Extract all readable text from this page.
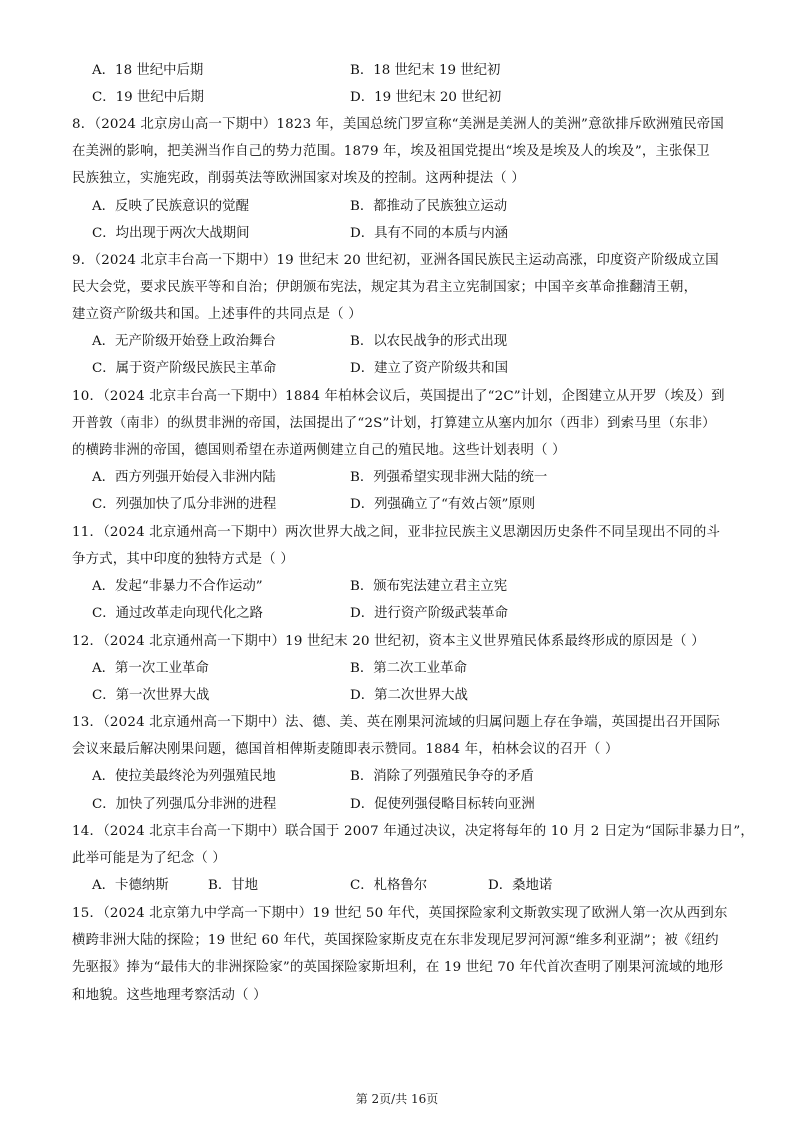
A．18 世纪中后期	B．18 世纪末 19 世纪初
C．19 世纪中后期	D．19 世纪末 20 世纪初
8．（2024 北京房山高一下期中）1823 年，美国总统门罗宣称“美洲是美洲人的美洲”意欲排斥欧洲殖民帝国
在美洲的影响，把美洲当作自己的势力范围。1879 年，埃及祖国党提出“埃及是埃及人的埃及”，主张保卫
民族独立，实施宪政，削弱英法等欧洲国家对埃及的控制。这两种提法（ ）
A．反映了民族意识的觉醒	B．都推动了民族独立运动
C．均出现于两次大战期间	D．具有不同的本质与内涵
9．（2024 北京丰台高一下期中）19 世纪末 20 世纪初，亚洲各国民族民主运动高涨，印度资产阶级成立国
民大会党，要求民族平等和自治；伊朗颁布宪法，规定其为君主立宪制国家；中国辛亥革命推翻清王朝，
建立资产阶级共和国。上述事件的共同点是（ ）
A．无产阶级开始登上政治舞台	B．以农民战争的形式出现
C．属于资产阶级民族民主革命	D．建立了资产阶级共和国
10．（2024 北京丰台高一下期中）1884 年柏林会议后，英国提出了“2C”计划，企图建立从开罗（埃及）到
开普敦（南非）的纵贯非洲的帝国，法国提出了“2S”计划，打算建立从塞内加尔（西非）到索马里（东非）
的横跨非洲的帝国，德国则希望在赤道两侧建立自己的殖民地。这些计划表明（ ）
A．西方列强开始侵入非洲内陆	B．列强希望实现非洲大陆的统一
C．列强加快了瓜分非洲的进程	D．列强确立了“有效占领”原则
11．（2024 北京通州高一下期中）两次世界大战之间，亚非拉民族主义思潮因历史条件不同呈现出不同的斗
争方式，其中印度的独特方式是（ ）
A．发起“非暴力不合作运动”	B．颁布宪法建立君主立宪
C．通过改革走向现代化之路	D．进行资产阶级武装革命
12．（2024 北京通州高一下期中）19 世纪末 20 世纪初，资本主义世界殖民体系最终形成的原因是（ ）
A．第一次工业革命	B．第二次工业革命
C．第一次世界大战	D．第二次世界大战
13．（2024 北京通州高一下期中）法、德、美、英在刚果河流域的归属问题上存在争端，英国提出召开国际
会议来最后解决刚果问题，德国首相俾斯麦随即表示赞同。1884 年，柏林会议的召开（ ）
A．使拉美最终沦为列强殖民地	B．消除了列强殖民争夺的矛盾
C．加快了列强瓜分非洲的进程	D．促使列强侵略目标转向亚洲
14．（2024 北京丰台高一下期中）联合国于 2007 年通过决议，决定将每年的 10 月 2 日定为“国际非暴力日”，
此举可能是为了纪念（ ）
A．卡德纳斯	B．甘地	C．札格鲁尔	D．桑地诺
15．（2024 北京第九中学高一下期中）19 世纪 50 年代，英国探险家利文斯敦实现了欧洲人第一次从西到东
横跨非洲大陆的探险；19 世纪 60 年代，英国探险家斯皮克在东非发现尼罗河河源“维多利亚湖”；被《纽约
先驱报》捧为“最伟大的非洲探险家”的英国探险家斯坦利，在 19 世纪 70 年代首次查明了刚果河流域的地形
和地貌。这些地理考察活动（ ）
第 2页/共 16页
